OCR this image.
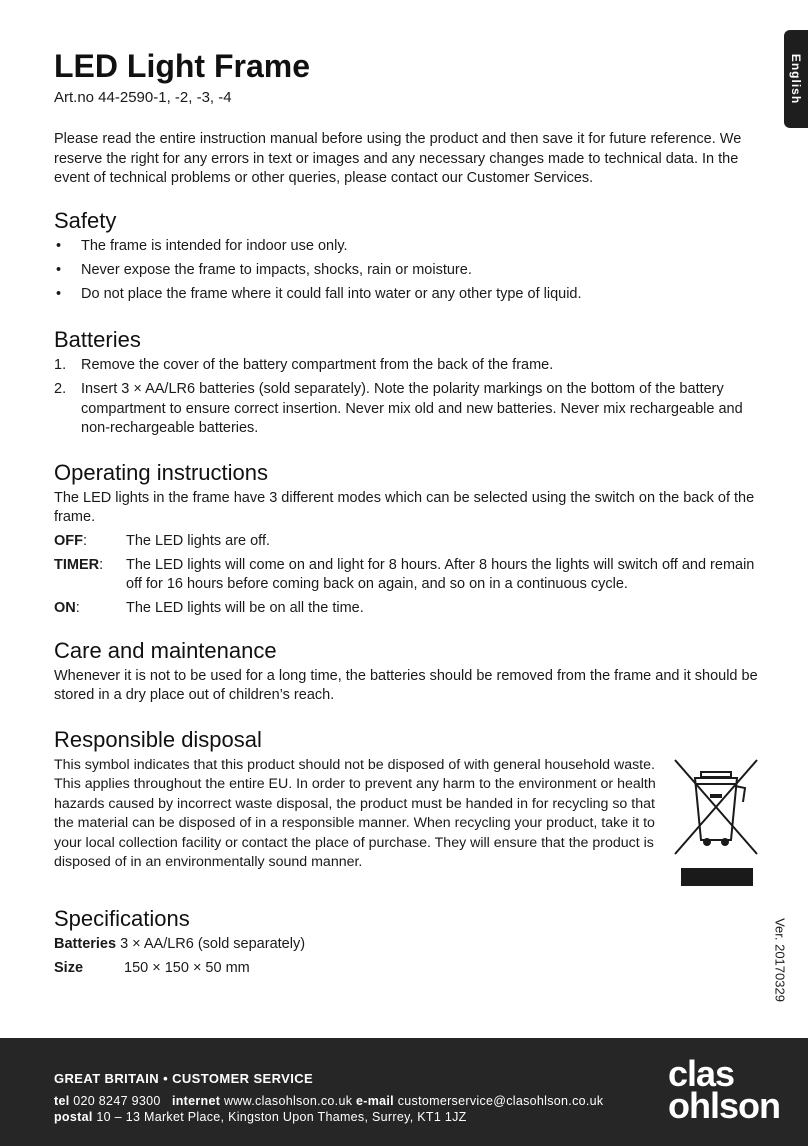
English
LED Light Frame
Art.no 44-2590-1, -2, -3, -4

Please read the entire instruction manual before using the product and then save it for future reference. We reserve the right for any errors in text or images and any necessary changes made to technical data. In the event of technical problems or other queries, please contact our Customer Services.

Safety
• The frame is intended for indoor use only.
• Never expose the frame to impacts, shocks, rain or moisture.
• Do not place the frame where it could fall into water or any other type of liquid.
Batteries
1. Remove the cover of the battery compartment from the back of the frame.
2. Insert 3 × AA/LR6 batteries (sold separately). Note the polarity markings on the bottom of the battery compartment to ensure correct insertion. Never mix old and new batteries. Never mix rechargeable and non-rechargeable batteries.
Operating instructions

The LED lights in the frame have 3 different modes which can be selected using the switch on the back of the frame.

OFF:	The LED lights are off.
TIMER:	The LED lights will come on and light for 8 hours. After 8 hours the lights will switch off and remain off for 16 hours before coming back on again, and so on in a continuous cycle.
ON:	The LED lights will be on all the time.
Care and maintenance

Whenever it is not to be used for a long time, the batteries should be removed from the frame and it should be stored in a dry place out of children’s reach.

Responsible disposal

This symbol indicates that this product should not be disposed of with general household waste. This applies throughout the entire EU. In order to prevent any harm to the environment or health hazards caused by incorrect waste disposal, the product must be handed in for recycling so that the material can be disposed of in a responsible manner. When recycling your product, take it to your local collection facility or contact the place of purchase. They will ensure that the product is disposed of in an environmentally sound manner.

Specifications
Batteries 3 × AA/LR6 (sold separately)
Size	150 × 150 × 50 mm	Ver. 20170329
GREAT BRITAIN • CUSTOMER SERVICE
tel 020 8247 9300 internet www.clasohlson.co.uk e-mail customerservice@clasohlson.co.uk
postal 10 – 13 Market Place, Kingston Upon Thames, Surrey, KT1 1JZ
clas
ohlson
